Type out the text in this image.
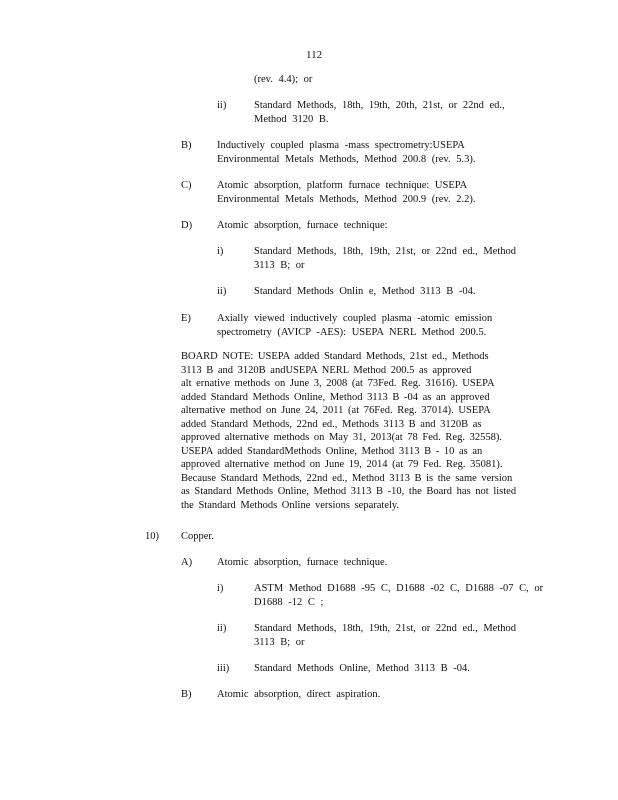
112
(rev. 4.4); or
ii)	Standard Methods, 18th, 19th, 20th, 21st, or 22nd ed.,
Method 3120 B.
B) Inductively coupled plasma -mass spectrometry:USEPA
Environmental Metals Methods, Method 200.8 (rev. 5.3).
C) Atomic absorption, platform furnace technique: USEPA
Environmental Metals Methods, Method 200.9 (rev. 2.2).
D) Atomic absorption, furnace technique:
i)	Standard Methods, 18th, 19th, 21st, or 22nd ed., Method
3113 B; or
ii)	Standard Methods Onlin e, Method 3113 B -04.
E) Axially viewed inductively coupled plasma -atomic emission
spectrometry (AVICP -AES): USEPA NERL Method 200.5.
BOARD NOTE: USEPA added Standard Methods, 21st ed., Methods
3113 B and 3120B andUSEPA NERL Method 200.5 as approved
alt ernative methods on June 3, 2008 (at 73Fed. Reg. 31616). USEPA
added Standard Methods Online, Method 3113 B -04 as an approved
alternative method on June 24, 2011 (at 76Fed. Reg. 37014). USEPA
added Standard Methods, 22nd ed., Methods 3113 B and 3120B as
approved alternative methods on May 31, 2013(at 78 Fed. Reg. 32558).
USEPA added StandardMethods Online, Method 3113 B - 10 as an
approved alternative method on June 19, 2014 (at 79 Fed. Reg. 35081).
Because Standard Methods, 22nd ed., Method 3113 B is the same version
as Standard Methods Online, Method 3113 B -10, the Board has not listed
the Standard Methods Online versions separately.
10) Copper.
A) Atomic absorption, furnace technique.
i)	ASTM Method D1688 -95 C, D1688 -02 C, D1688 -07 C, or
D1688 -12 C ;
ii)	Standard Methods, 18th, 19th, 21st, or 22nd ed., Method
3113 B; or
iii) Standard Methods Online, Method 3113 B -04.
B) Atomic absorption, direct aspiration.
